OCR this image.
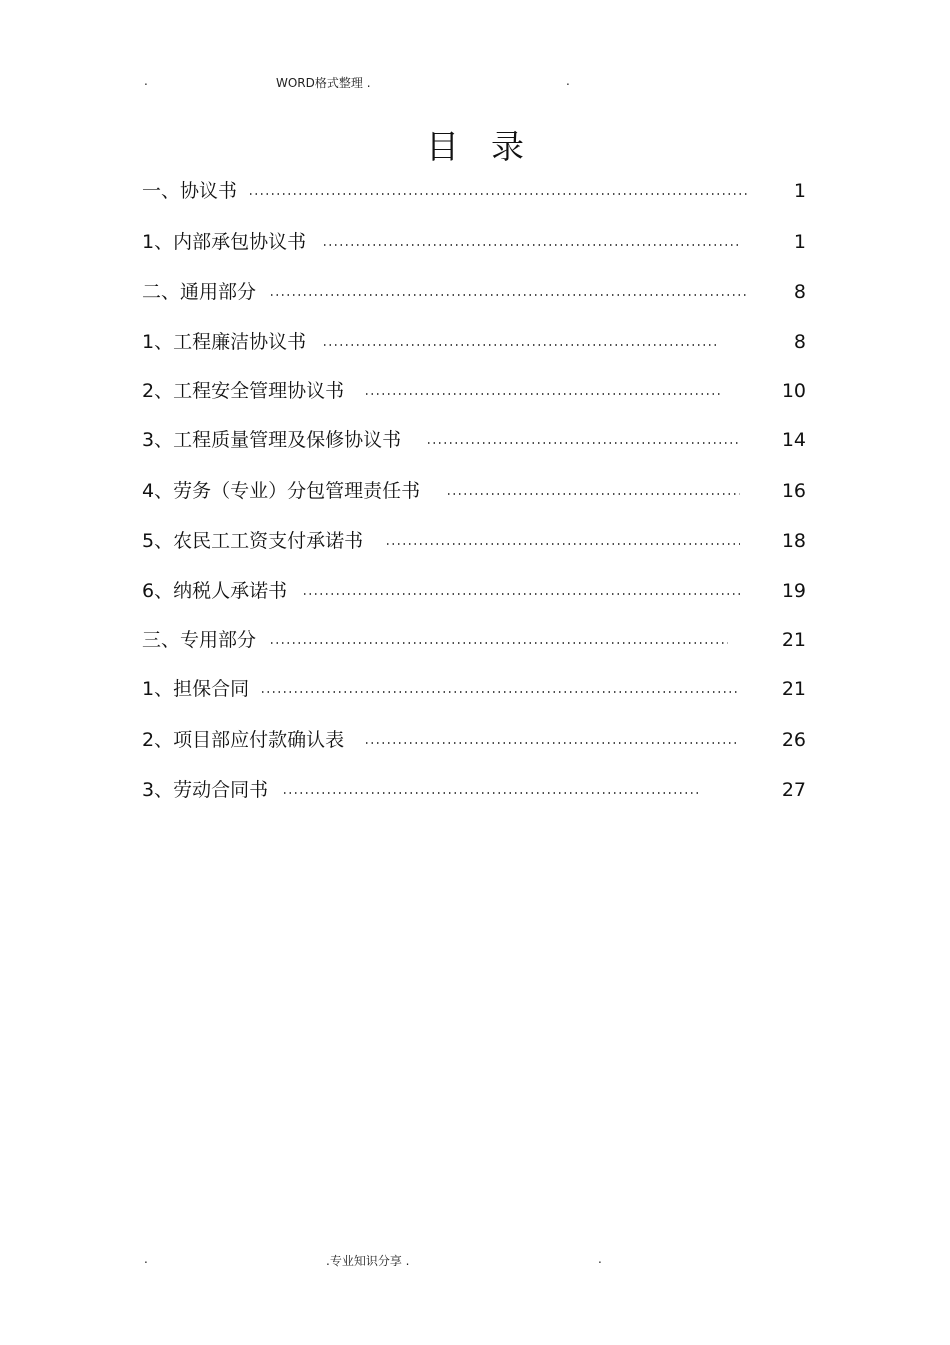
.	WORD格式整理 .	.
目录
一、协议书	1
1、内部承包协议书	1
二、通用部分	8
1、工程廉洁协议书	8
2、工程安全管理协议书	10
3、工程质量管理及保修协议书	14
4、劳务（专业）分包管理责任书	16
5、农民工工资支付承诺书	18
6、纳税人承诺书	19
三、专用部分	21
1、担保合同	21
2、项目部应付款确认表	26
3、劳动合同书	27
.	.专业知识分享 .	.
